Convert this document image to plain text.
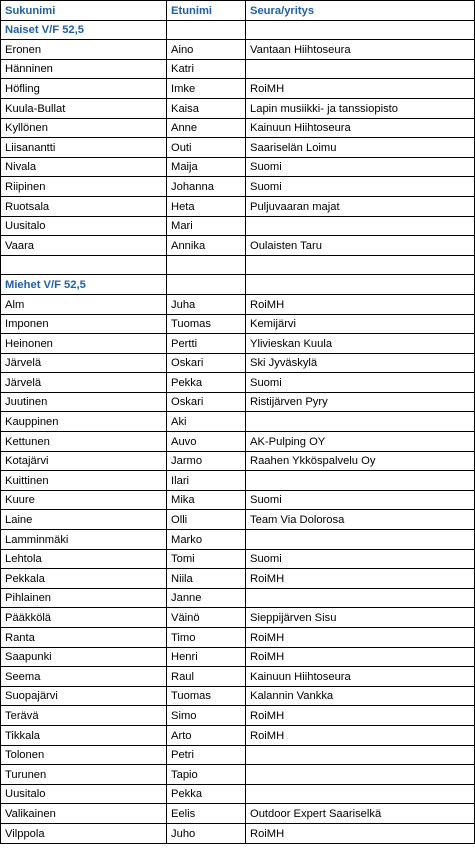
Sukunimi	Etunimi	Seura/yritys
Naiset V/F 52,5		
Eronen	Aino	Vantaan Hiihtoseura
Hänninen	Katri	
Höfling	Imke	RoiMH
Kuula-Bullat	Kaisa	Lapin musiikki- ja tanssiopisto
Kyllönen	Anne	Kainuun Hiihtoseura
Liisanantti	Outi	Saariselän Loimu
Nivala	Maija	Suomi
Riipinen	Johanna	Suomi
Ruotsala	Heta	Puljuvaaran majat
Uusitalo	Mari	
Vaara	Annika	Oulaisten Taru

Miehet V/F 52,5		
Alm	Juha	RoiMH
Imponen	Tuomas	Kemijärvi
Heinonen	Pertti	Ylivieskan Kuula
Järvelä	Oskari	Ski Jyväskylä
Järvelä	Pekka	Suomi
Juutinen	Oskari	Ristijärven Pyry
Kauppinen	Aki	
Kettunen	Auvo	AK-Pulping OY
Kotajärvi	Jarmo	Raahen Ykköspalvelu Oy
Kuittinen	Ilari	
Kuure	Mika	Suomi
Laine	Olli	Team Via Dolorosa
Lamminmäki	Marko	
Lehtola	Tomi	Suomi
Pekkala	Niila	RoiMH
Pihlainen	Janne	
Pääkkölä	Väinö	Sieppijärven Sisu
Ranta	Timo	RoiMH
Saapunki	Henri	RoiMH
Seema	Raul	Kainuun Hiihtoseura
Suopajärvi	Tuomas	Kalannin Vankka
Terävä	Simo	RoiMH
Tikkala	Arto	RoiMH
Tolonen	Petri	
Turunen	Tapio	
Uusitalo	Pekka	
Valikainen	Eelis	Outdoor Expert Saariselkä
Vilppola	Juho	RoiMH
